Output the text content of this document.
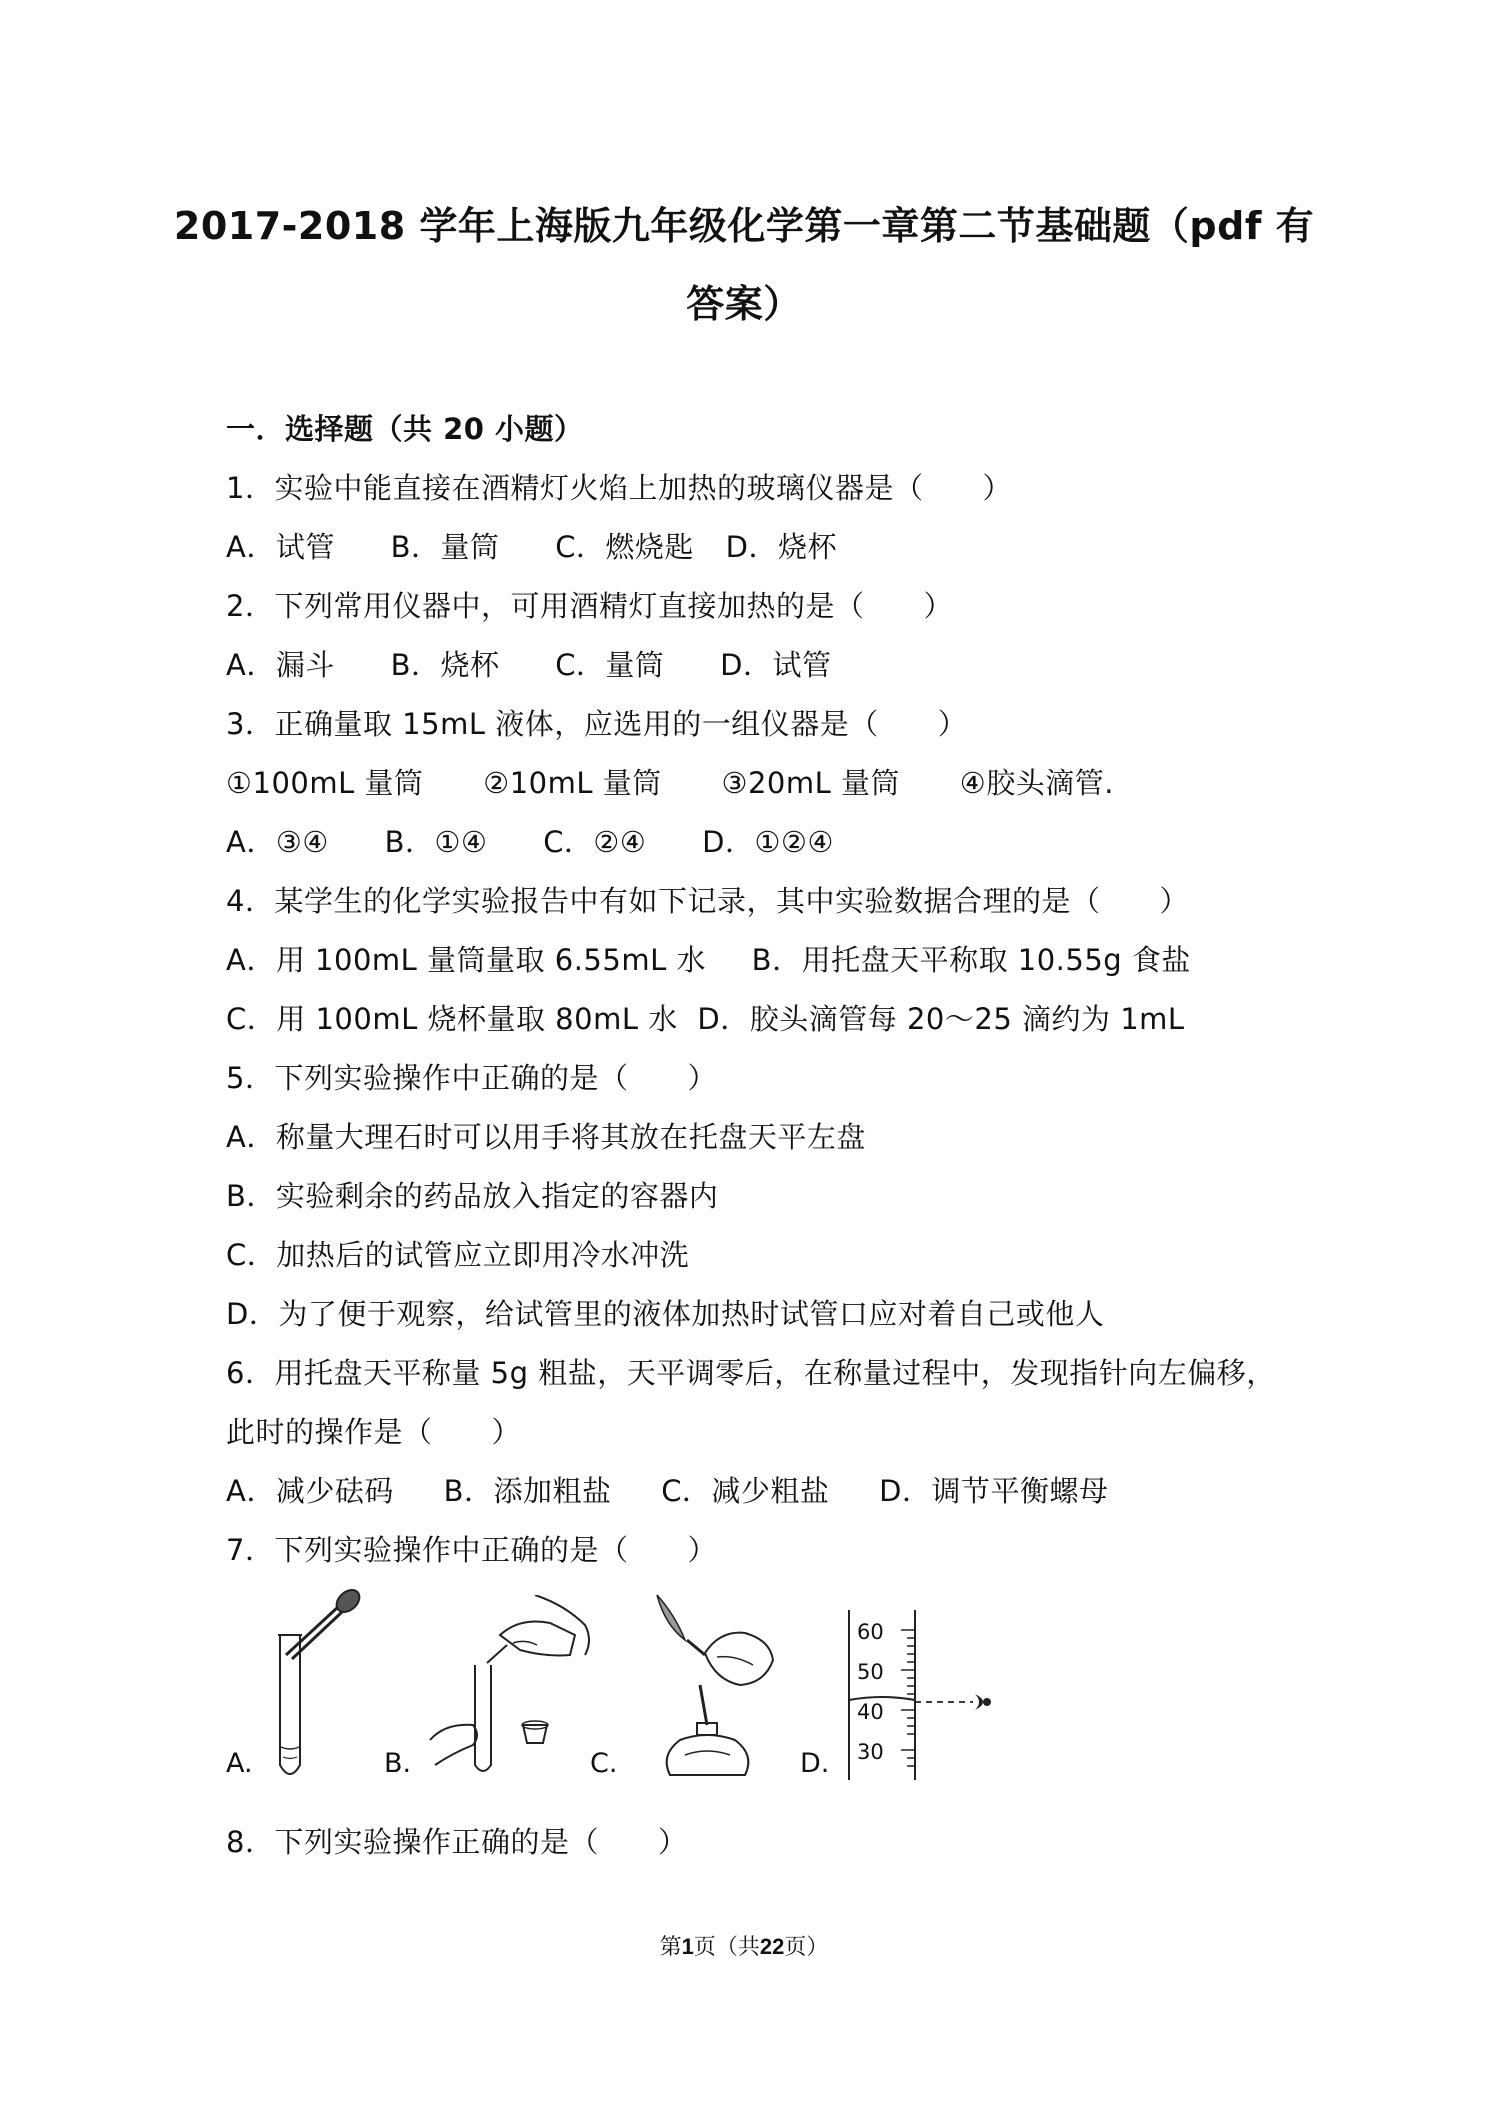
2017-2018 学年上海版九年级化学第一章第二节基础题（pdf 有
答案）
一．选择题（共 20 小题）
1．实验中能直接在酒精灯火焰上加热的玻璃仪器是（　　）
A．试管 B．量筒 C．燃烧匙 D．烧杯
2．下列常用仪器中，可用酒精灯直接加热的是（　　）
A．漏斗 B．烧杯 C．量筒 D．试管
3．正确量取 15mL 液体，应选用的一组仪器是（　　）
①100mL 量筒 ②10mL 量筒 ③20mL 量筒 ④胶头滴管.
A．③④ B．①④ C．②④ D．①②④
4．某学生的化学实验报告中有如下记录，其中实验数据合理的是（　　）
A．用 100mL 量筒量取 6.55mL 水 B．用托盘天平称取 10.55g 食盐
C．用 100mL 烧杯量取 80mL 水 D．胶头滴管每 20～25 滴约为 1mL
5．下列实验操作中正确的是（　　）
A．称量大理石时可以用手将其放在托盘天平左盘
B．实验剩余的药品放入指定的容器内
C．加热后的试管应立即用冷水冲洗
D．为了便于观察，给试管里的液体加热时试管口应对着自己或他人
6．用托盘天平称量 5g 粗盐，天平调零后，在称量过程中，发现指针向左偏移，
此时的操作是（　　）
A．减少砝码 B．添加粗盐 C．减少粗盐 D．调节平衡螺母
7．下列实验操作中正确的是（　　）
A.	B.	C.
60
50
40
30
D.
8．下列实验操作正确的是（　　）
第1页（共22页）
